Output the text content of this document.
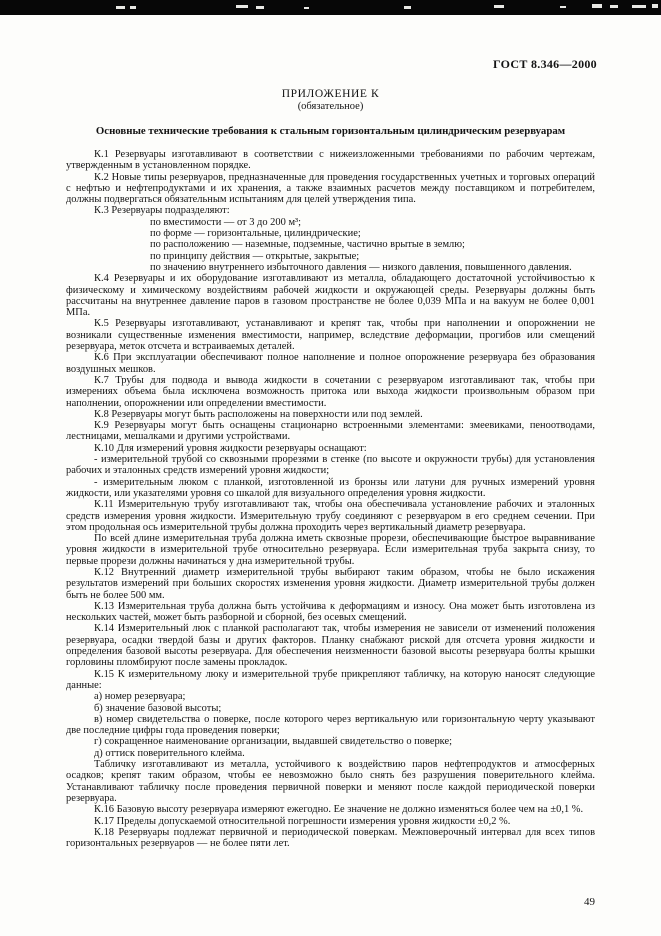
ГОСТ 8.346—2000

ПРИЛОЖЕНИЕ К

(обязательное)

Основные технические требования к стальным горизонтальным цилиндрическим резервуарам

К.1 Резервуары изготавливают в соответствии с нижеизложенными требованиями по рабочим чертежам, утвержденным в установленном порядке.

К.2 Новые типы резервуаров, предназначенные для проведения государственных учетных и торговых операций с нефтью и нефтепродуктами и их хранения, а также взаимных расчетов между поставщиком и потребителем, должны подвергаться обязательным испытаниям для целей утверждения типа.

К.3 Резервуары подразделяют:

по вместимости — от 3 до 200 м³;

по форме — горизонтальные, цилиндрические;

по расположению — наземные, подземные, частично врытые в землю;

по принципу действия — открытые, закрытые;

по значению внутреннего избыточного давления — низкого давления, повышенного давления.

К.4 Резервуары и их оборудование изготавливают из металла, обладающего достаточной устойчивостью к физическому и химическому воздействиям рабочей жидкости и окружающей среды. Резервуары должны быть рассчитаны на внутреннее давление паров в газовом пространстве не более 0,039 МПа и на вакуум не более 0,001 МПа.

К.5 Резервуары изготавливают, устанавливают и крепят так, чтобы при наполнении и опорожнении не возникали существенные изменения вместимости, например, вследствие деформации, прогибов или смещений резервуара, меток отсчета и встраиваемых деталей.

К.6 При эксплуатации обеспечивают полное наполнение и полное опорожнение резервуара без образования воздушных мешков.

К.7 Трубы для подвода и вывода жидкости в сочетании с резервуаром изготавливают так, чтобы при измерениях объема была исключена возможность притока или выхода жидкости произвольным образом при наполнении, опорожнении или определении вместимости.

К.8 Резервуары могут быть расположены на поверхности или под землей.

К.9 Резервуары могут быть оснащены стационарно встроенными элементами: змеевиками, пеноотводами, лестницами, мешалками и другими устройствами.

К.10 Для измерений уровня жидкости резервуары оснащают:

- измерительной трубой со сквозными прорезями в стенке (по высоте и окружности трубы) для установления рабочих и эталонных средств измерений уровня жидкости;

- измерительным люком с планкой, изготовленной из бронзы или латуни для ручных измерений уровня жидкости, или указателями уровня со шкалой для визуального определения уровня жидкости.

К.11 Измерительную трубу изготавливают так, чтобы она обеспечивала установление рабочих и эталонных средств измерения уровня жидкости. Измерительную трубу соединяют с резервуаром в его среднем сечении. При этом продольная ось измерительной трубы должна проходить через вертикальный диаметр резервуара.

По всей длине измерительная труба должна иметь сквозные прорези, обеспечивающие быстрое выравнивание уровня жидкости в измерительной трубе относительно резервуара. Если измерительная труба закрыта снизу, то первые прорези должны начинаться у дна измерительной трубы.

К.12 Внутренний диаметр измерительной трубы выбирают таким образом, чтобы не было искажения результатов измерений при больших скоростях изменения уровня жидкости. Диаметр измерительной трубы должен быть не более 500 мм.

К.13 Измерительная труба должна быть устойчива к деформациям и износу. Она может быть изготовлена из нескольких частей, может быть разборной и сборной, без осевых смещений.

К.14 Измерительный люк с планкой располагают так, чтобы измерения не зависели от изменений положения резервуара, осадки твердой базы и других факторов. Планку снабжают риской для отсчета уровня жидкости и определения базовой высоты резервуара. Для обеспечения неизменности базовой высоты резервуара болты крышки горловины пломбируют после замены прокладок.

К.15 К измерительному люку и измерительной трубе прикрепляют табличку, на которую наносят следующие данные:

а) номер резервуара;

б) значение базовой высоты;

в) номер свидетельства о поверке, после которого через вертикальную или горизонтальную черту указывают две последние цифры года проведения поверки;

г) сокращенное наименование организации, выдавшей свидетельство о поверке;

д) оттиск поверительного клейма.

Табличку изготавливают из металла, устойчивого к воздействию паров нефтепродуктов и атмосферных осадков; крепят таким образом, чтобы ее невозможно было снять без разрушения поверительного клейма. Устанавливают табличку после проведения первичной поверки и меняют после каждой периодической поверки резервуара.

К.16 Базовую высоту резервуара измеряют ежегодно. Ее значение не должно изменяться более чем на ±0,1 %.

К.17 Пределы допускаемой относительной погрешности измерения уровня жидкости ±0,2 %.

К.18 Резервуары подлежат первичной и периодической поверкам. Межповерочный интервал для всех типов горизонтальных резервуаров — не более пяти лет.

49
